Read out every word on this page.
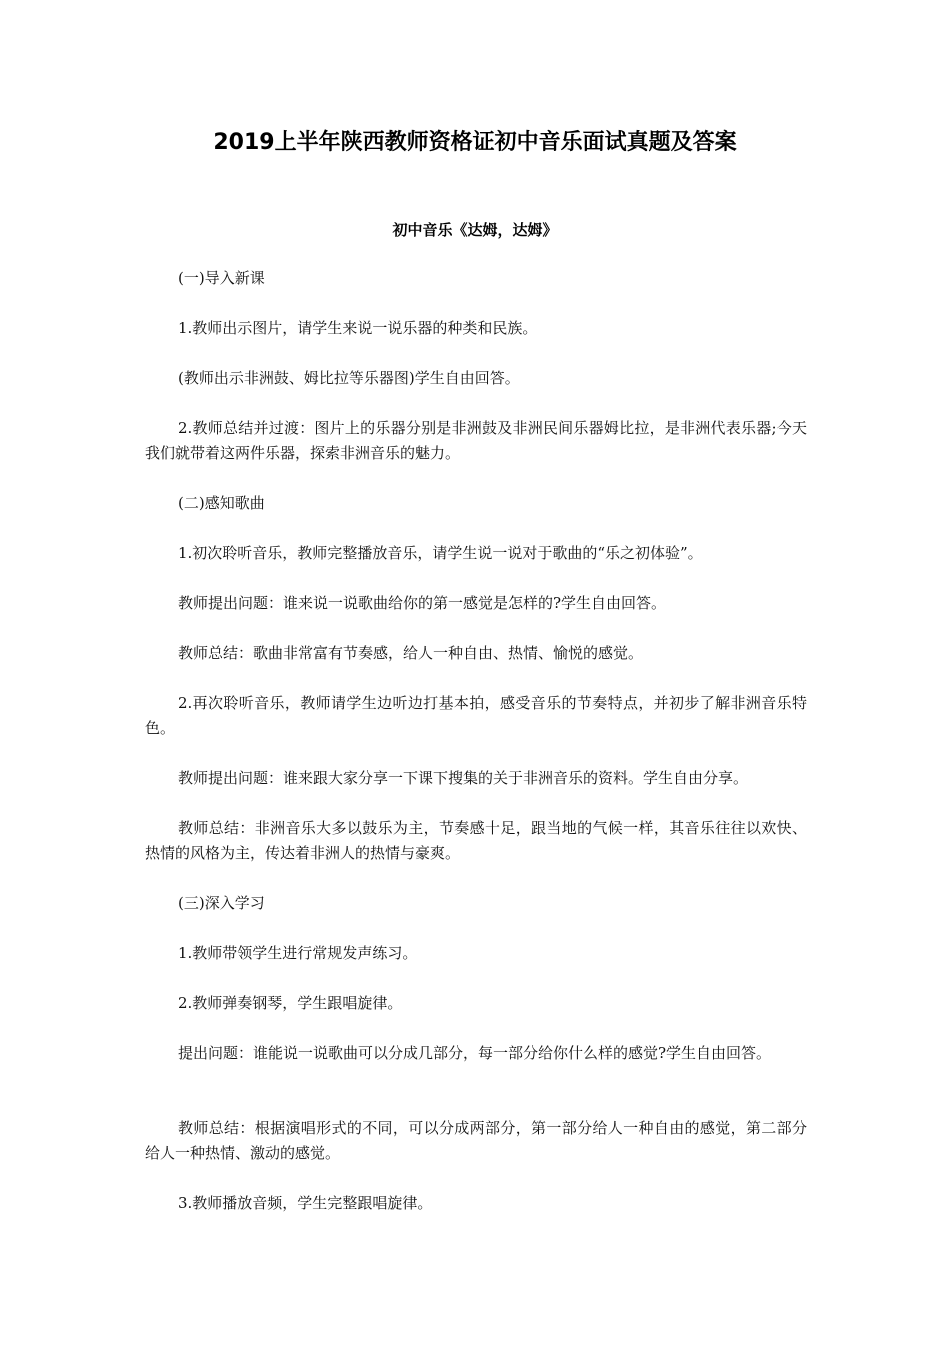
2019上半年陕西教师资格证初中音乐面试真题及答案
初中音乐《达姆，达姆》

(一)导入新课

1.教师出示图片，请学生来说一说乐器的种类和民族。

(教师出示非洲鼓、姆比拉等乐器图)学生自由回答。

2.教师总结并过渡：图片上的乐器分别是非洲鼓及非洲民间乐器姆比拉，是非洲代表乐器;今天我们就带着这两件乐器，探索非洲音乐的魅力。

(二)感知歌曲

1.初次聆听音乐，教师完整播放音乐，请学生说一说对于歌曲的“乐之初体验”。

教师提出问题：谁来说一说歌曲给你的第一感觉是怎样的?学生自由回答。

教师总结：歌曲非常富有节奏感，给人一种自由、热情、愉悦的感觉。

2.再次聆听音乐，教师请学生边听边打基本拍，感受音乐的节奏特点，并初步了解非洲音乐特色。

教师提出问题：谁来跟大家分享一下课下搜集的关于非洲音乐的资料。学生自由分享。

教师总结：非洲音乐大多以鼓乐为主，节奏感十足，跟当地的气候一样，其音乐往往以欢快、热情的风格为主，传达着非洲人的热情与豪爽。

(三)深入学习

1.教师带领学生进行常规发声练习。

2.教师弹奏钢琴，学生跟唱旋律。

提出问题：谁能说一说歌曲可以分成几部分，每一部分给你什么样的感觉?学生自由回答。

教师总结：根据演唱形式的不同，可以分成两部分，第一部分给人一种自由的感觉，第二部分给人一种热情、激动的感觉。

3.教师播放音频，学生完整跟唱旋律。
